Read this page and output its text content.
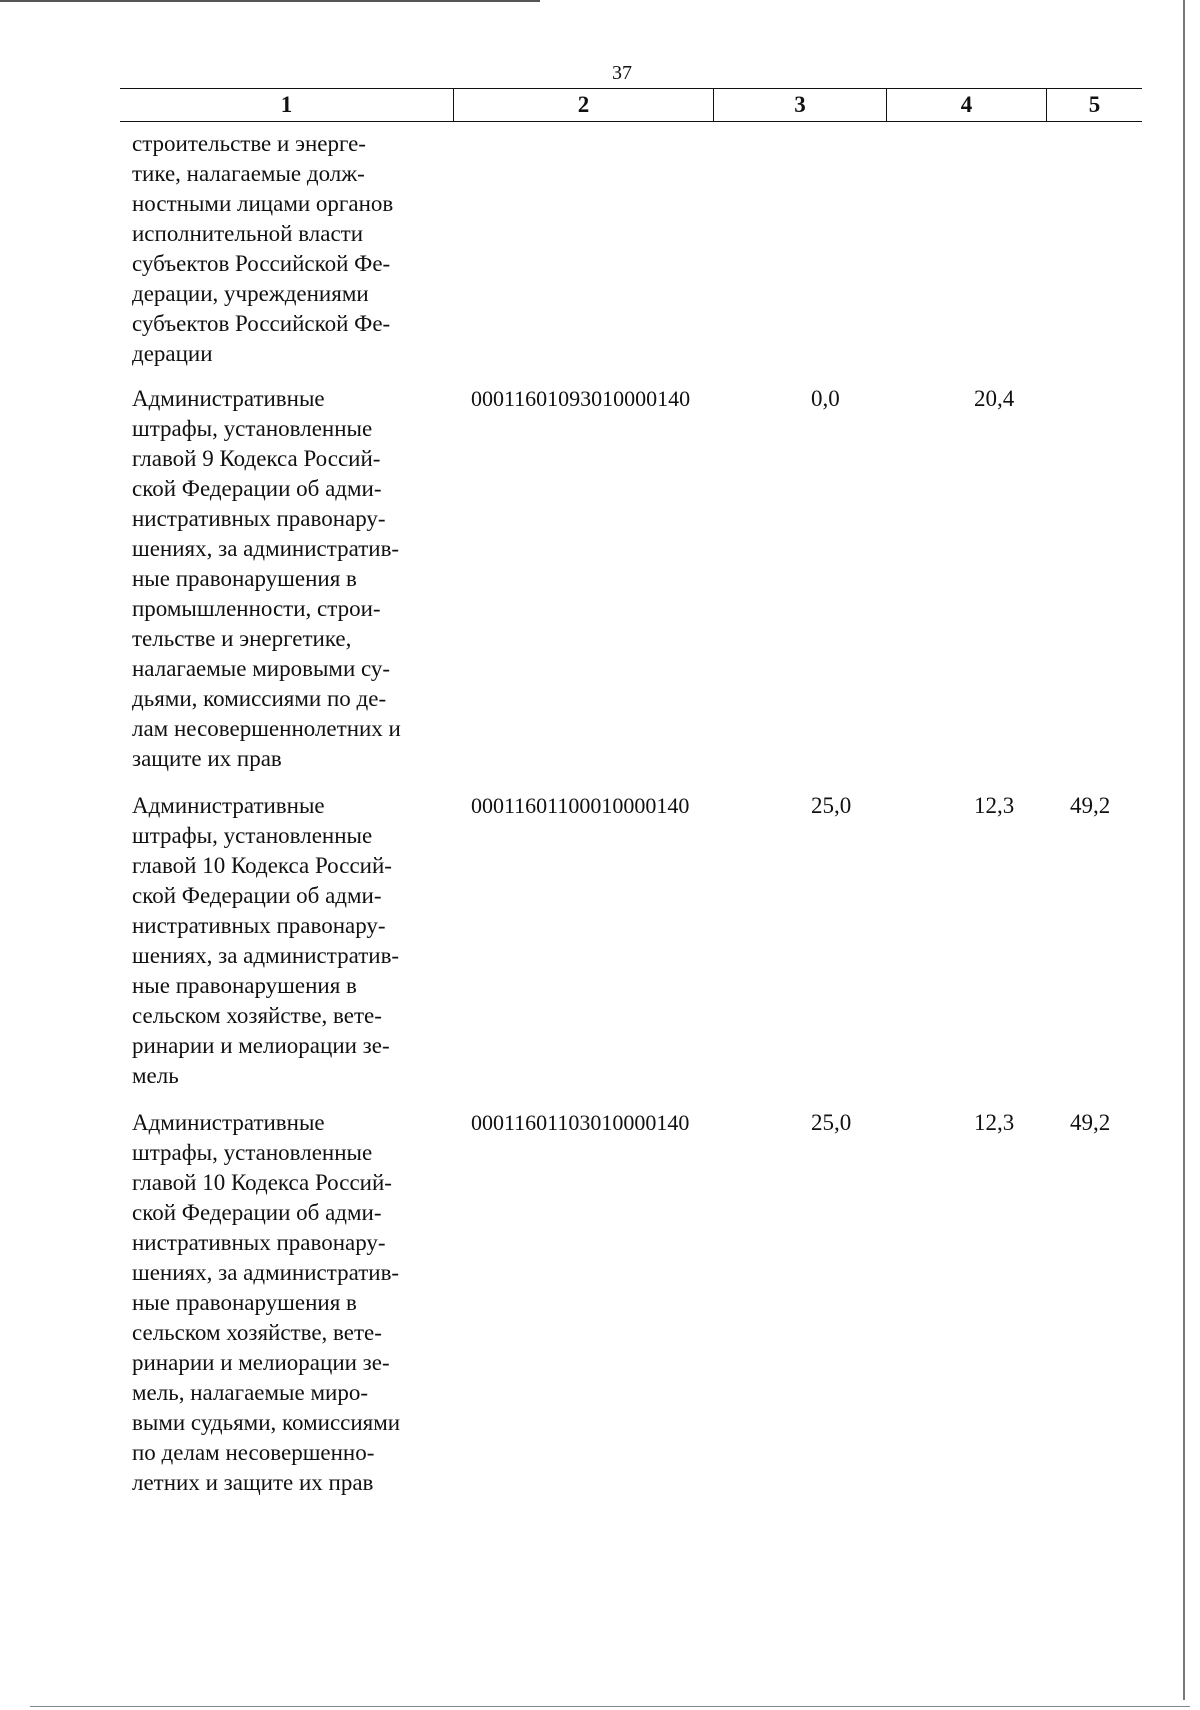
37
1	2	3	4	5
строительстве и энерге-
тике, налагаемые долж-
ностными лицами органов
исполнительной власти
субъектов Российской Фе-
дерации, учреждениями
субъектов Российской Фе-
дерации
Административные
штрафы, установленные
главой 9 Кодекса Россий-
ской Федерации об адми-
нистративных правонару-
шениях, за административ-
ные правонарушения в
промышленности, строи-
тельстве и энергетике,
налагаемые мировыми су-
дьями, комиссиями по де-
лам несовершеннолетних и
защите их прав
00011601093010000140	0,0	20,4
Административные
штрафы, установленные
главой 10 Кодекса Россий-
ской Федерации об адми-
нистративных правонару-
шениях, за административ-
ные правонарушения в
сельском хозяйстве, вете-
ринарии и мелиорации зе-
мель
00011601100010000140	25,0	12,3	49,2
Административные
штрафы, установленные
главой 10 Кодекса Россий-
ской Федерации об адми-
нистративных правонару-
шениях, за административ-
ные правонарушения в
сельском хозяйстве, вете-
ринарии и мелиорации зе-
мель, налагаемые миро-
выми судьями, комиссиями
по делам несовершенно-
летних и защите их прав
00011601103010000140	25,0	12,3	49,2
